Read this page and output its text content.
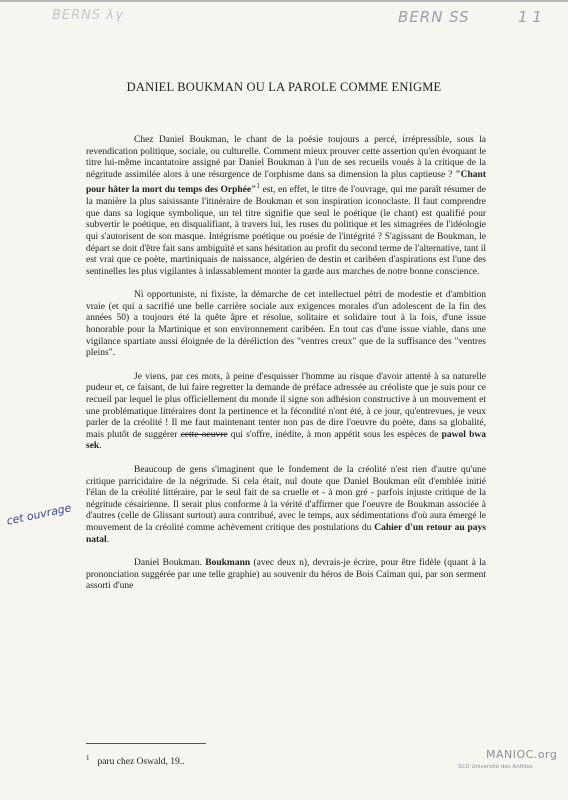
BERNS λγ	BERN SS	1 1
cet ouvrage
DANIEL BOUKMAN OU LA PAROLE COMME ENIGME

Chez Daniel Boukman, le chant de la poésie toujours a percé, irrépressible, sous la revendication politique, sociale, ou culturelle. Comment mieux prouver cette assertion qu'en évoquant le titre lui-même incantatoire assigné par Daniel Boukman à l'un de ses recueils voués à la critique de la négritude assimilée alors à une résurgence de l'orphisme dans sa dimension la plus captieuse ? "Chant pour hâter la mort du temps des Orphée"$^1$ est, en effet, le titre de l'ouvrage, qui me paraît résumer de la manière la plus saisissante l'itinéraire de Boukman et son inspiration iconoclaste. Il faut comprendre que dans sa logique symbolique, un tel titre signifie que seul le poétique (le chant) est qualifié pour subvertir le poétique, en disqualifiant, à travers lui, les ruses du politique et les simagrées de l'idéologie qui s'autorisent de son masque. Intégrisme poétique ou poésie de l'intégrité ? S'agissant de Boukman, le départ se doit d'être fait sans ambiguïté et sans hésitation au profit du second terme de l'alternative, tant il est vrai que ce poète, martiniquais de naissance, algérien de destin et caribéen d'aspirations est l'une des sentinelles les plus vigilantes à inlassablement monter la garde aux marches de notre bonne conscience.

Ni opportuniste, ni fixiste, la démarche de cet intellectuel pétri de modestie et d'ambition vraie (et qui a sacrifié une belle carrière sociale aux exigences morales d'un adolescent de la fin des années 50) a toujours été la quête âpre et résolue, solitaire et solidaire tout à la fois, d'une issue honorable pour la Martinique et son environnement caribéen. En tout cas d'une issue viable, dans une vigilance spartiate aussi éloignée de la déréliction des "ventres creux" que de la suffisance des "ventres pleins".

Je viens, par ces mots, à peine d'esquisser l'homme au risque d'avoir attenté à sa naturelle pudeur et, ce faisant, de lui faire regretter la demande de préface adressée au créoliste que je suis pour ce recueil par lequel le plus officiellement du monde il signe son adhésion constructive à un mouvement et une problématique littéraires dont la pertinence et la fécondité n'ont été, à ce jour, qu'entrevues, je veux parler de la créolité ! Il me faut maintenant tenter non pas de dire l'oeuvre du poète, dans sa globalité, mais plutôt de suggérer cette oeuvre qui s'offre, inédite, à mon appétit sous les espèces de pawol bwa sek.

Beaucoup de gens s'imaginent que le fondement de la créolité n'est rien d'autre qu'une critique parricidaire de la négritude. Si cela était, nul doute que Daniel Boukman eût d'emblée initié l'élan de la créolité littéraire, par le seul fait de sa cruelle et - à mon gré - parfois injuste critique de la négritude césairienne. Il serait plus conforme à la vérité d'affirmer que l'oeuvre de Boukman associée à d'autres (celle de Glissant surtout) aura contribué, avec le temps, aux sédimentations d'où aura émergé le mouvement de la créolité comme achèvement critique des postulations du Cahier d'un retour au pays natal.

Daniel Boukman. Boukmann (avec deux n), devrais-je écrire, pour être fidèle (quant à la prononciation suggérée par une telle graphie) au souvenir du héros de Bois Caïman qui, par son serment assorti d'une

$^1$ paru chez Oswald, 19..
MANIOC.org
SCD Université des Antilles
